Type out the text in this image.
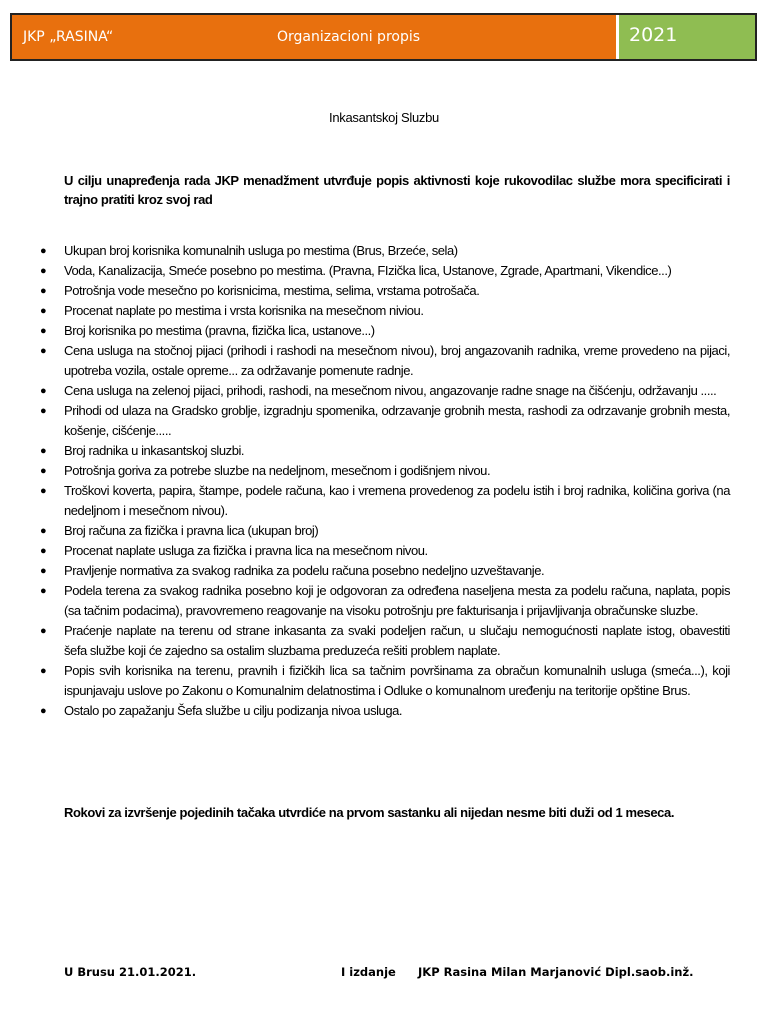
JKP „RASINA“	Organizacioni propis	2021
Inkasantskoj Sluzbu
U cilju unapređenja rada JKP menadžment utvrđuje popis aktivnosti koje rukovodilac službe mora specificirati i trajno pratiti kroz svoj rad
● Ukupan broj korisnika komunalnih usluga po mestima (Brus, Brzeće, sela)
● Voda, Kanalizacija, Smeće posebno po mestima. (Pravna, FIzička lica, Ustanove, Zgrade, Apartmani, Vikendice...)
● Potrošnja vode mesečno po korisnicima, mestima, selima, vrstama potrošača.
● Procenat naplate po mestima i vrsta korisnika na mesečnom niviou.
● Broj korisnika po mestima (pravna, fizička lica, ustanove...)
● Cena usluga na stočnoj pijaci (prihodi i rashodi na mesečnom nivou), broj angazovanih radnika, vreme provedeno na pijaci, upotreba vozila, ostale opreme... za održavanje pomenute radnje.
● Cena usluga na zelenoj pijaci, prihodi, rashodi, na mesečnom nivou, angazovanje radne snage na čišćenju, održavanju .....
● Prihodi od ulaza na Gradsko groblje, izgradnju spomenika, odrzavanje grobnih mesta, rashodi za odrzavanje grobnih mesta, košenje, cišćenje.....
● Broj radnika u inkasantskoj sluzbi.
● Potrošnja goriva za potrebe sluzbe na nedeljnom, mesečnom i godišnjem nivou.
● Troškovi koverta, papira, štampe, podele računa, kao i vremena provedenog za podelu istih i broj radnika, količina goriva (na nedeljnom i mesečnom nivou).
● Broj računa za fizička i pravna lica (ukupan broj)
● Procenat naplate usluga za fizička i pravna lica na mesečnom nivou.
● Pravljenje normativa za svakog radnika za podelu računa posebno nedeljno uzveštavanje.
● Podela terena za svakog radnika posebno koji je odgovoran za određena naseljena mesta za podelu računa, naplata, popis (sa tačnim podacima), pravovremeno reagovanje na visoku potrošnju pre fakturisanja i prijavljivanja obračunske sluzbe.
● Praćenje naplate na terenu od strane inkasanta za svaki podeljen račun, u slučaju nemogućnosti naplate istog, obavestiti šefa službe koji će zajedno sa ostalim sluzbama preduzeća rešiti problem naplate.
● Popis svih korisnika na terenu, pravnih i fizičkih lica sa tačnim površinama za obračun komunalnih usluga (smeća...), koji ispunjavaju uslove po Zakonu o Komunalnim delatnostima i Odluke o komunalnom uređenju na teritorije opštine Brus.
● Ostalo po zapažanju Šefa službe u cilju podizanja nivoa usluga.
Rokovi za izvršenje pojedinih tačaka utvrdiće na prvom sastanku ali nijedan nesme biti duži od 1 meseca.
U Brusu 21.01.2021.	I izdanje JKP Rasina Milan Marjanović Dipl.saob.inž.
